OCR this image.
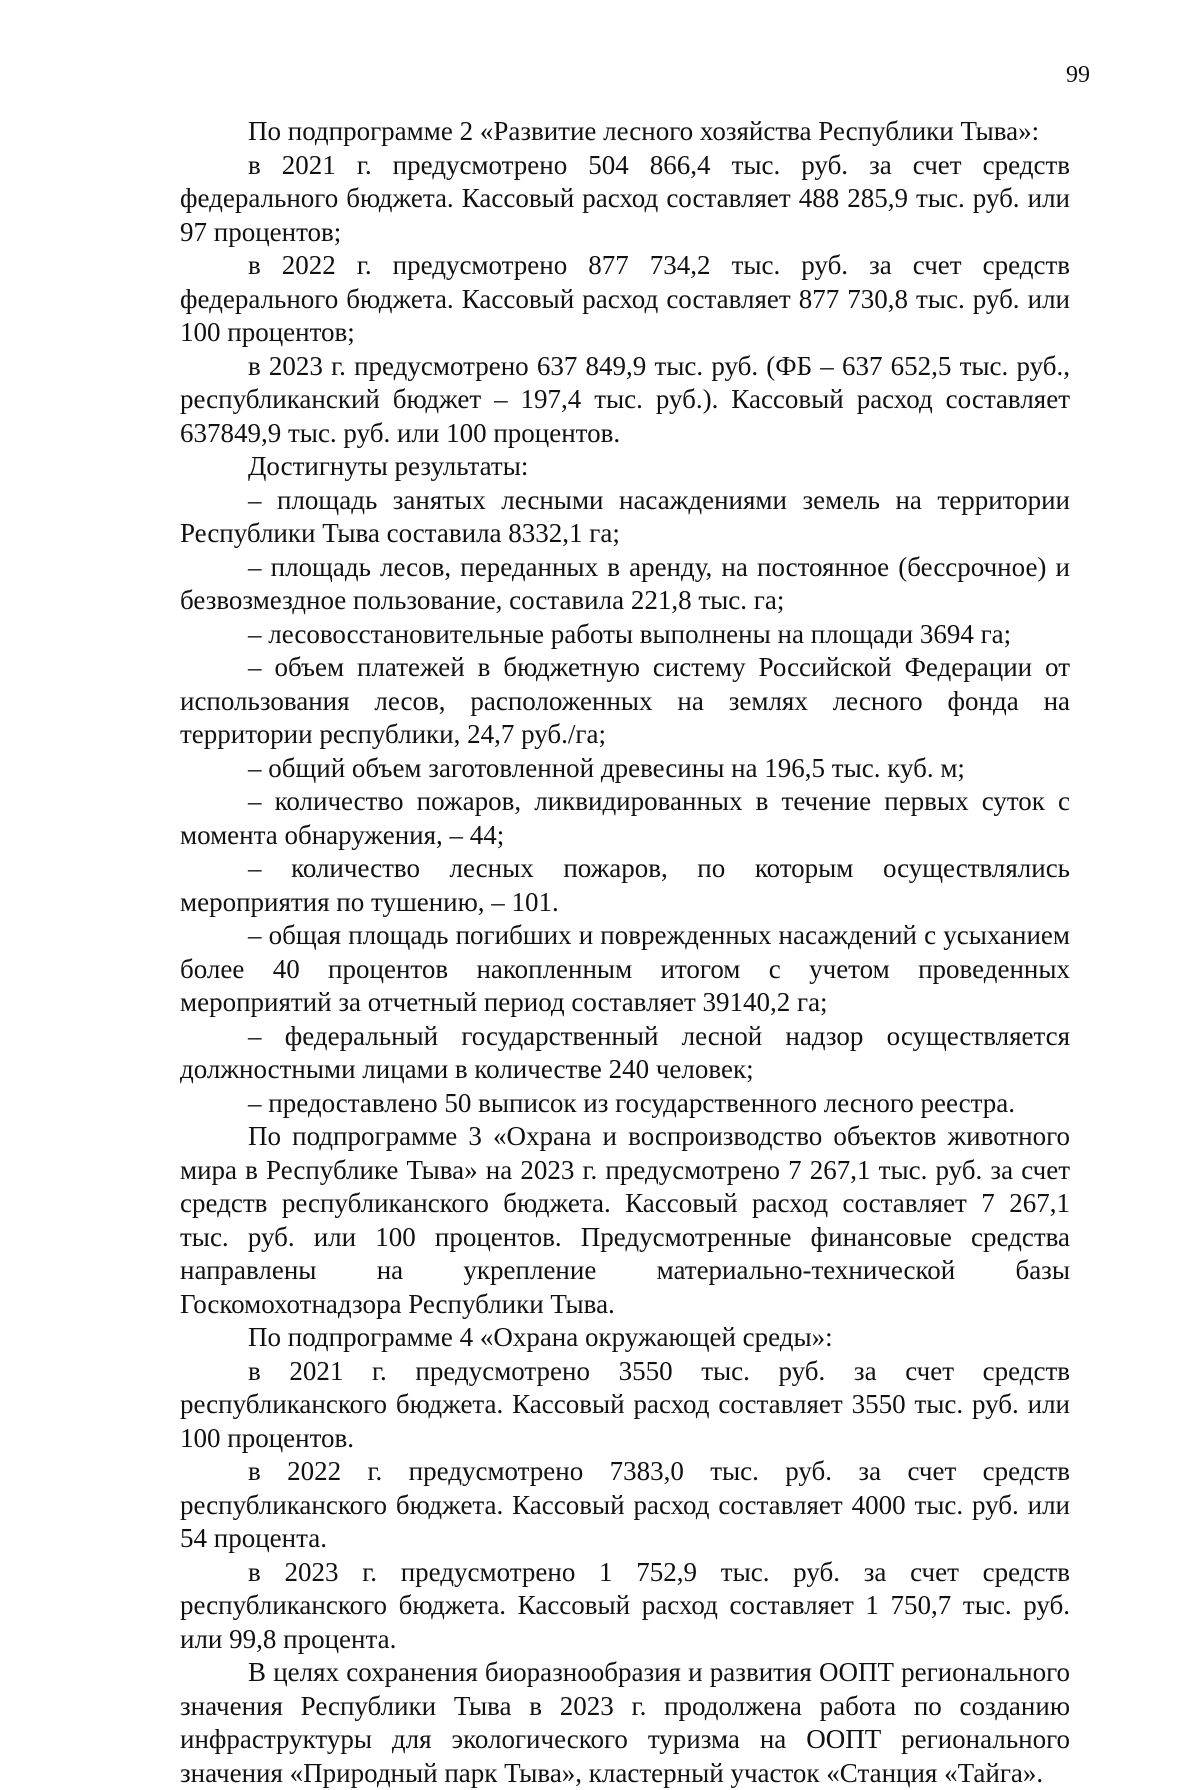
99

По подпрограмме 2 «Развитие лесного хозяйства Республики Тыва»:

в 2021 г. предусмотрено 504 866,4 тыс. руб. за счет средств федерального бюджета. Кассовый расход составляет 488 285,9 тыс. руб. или 97 процентов;

в 2022 г. предусмотрено 877 734,2 тыс. руб. за счет средств федерального бюджета. Кассовый расход составляет 877 730,8 тыс. руб. или 100 процентов;

в 2023 г. предусмотрено 637 849,9 тыс. руб. (ФБ – 637 652,5 тыс. руб., республиканский бюджет – 197,4 тыс. руб.). Кассовый расход составляет 637849,9 тыс. руб. или 100 процентов.

Достигнуты результаты:

– площадь занятых лесными насаждениями земель на территории Республики Тыва составила 8332,1 га;

– площадь лесов, переданных в аренду, на постоянное (бессрочное) и безвозмездное пользование, составила 221,8 тыс. га;

– лесовосстановительные работы выполнены на площади 3694 га;

– объем платежей в бюджетную систему Российской Федерации от использования лесов, расположенных на землях лесного фонда на территории республики, 24,7 руб./га;

– общий объем заготовленной древесины на 196,5 тыс. куб. м;

– количество пожаров, ликвидированных в течение первых суток с момента обнаружения, – 44;

– количество лесных пожаров, по которым осуществлялись мероприятия по тушению, – 101.

– общая площадь погибших и поврежденных насаждений с усыханием более 40 процентов накопленным итогом с учетом проведенных мероприятий за отчетный период составляет 39140,2 га;

– федеральный государственный лесной надзор осуществляется должностными лицами в количестве 240 человек;

– предоставлено 50 выписок из государственного лесного реестра.

По подпрограмме 3 «Охрана и воспроизводство объектов животного мира в Республике Тыва» на 2023 г. предусмотрено 7 267,1 тыс. руб. за счет средств республиканского бюджета. Кассовый расход составляет 7 267,1 тыс. руб. или 100 процентов. Предусмотренные финансовые средства направлены на укрепление материально-технической базы Госкомохотнадзора Республики Тыва.

По подпрограмме 4 «Охрана окружающей среды»:

в 2021 г. предусмотрено 3550 тыс. руб. за счет средств республиканского бюджета. Кассовый расход составляет 3550 тыс. руб. или 100 процентов.

в 2022 г. предусмотрено 7383,0 тыс. руб. за счет средств республиканского бюджета. Кассовый расход составляет 4000 тыс. руб. или 54 процента.

в 2023 г. предусмотрено 1 752,9 тыс. руб. за счет средств республиканского бюджета. Кассовый расход составляет 1 750,7 тыс. руб. или 99,8 процента.

В целях сохранения биоразнообразия и развития ООПТ регионального значения Республики Тыва в 2023 г. продолжена работа по созданию инфраструктуры для экологического туризма на ООПТ регионального значения «Природный парк Тыва», кластерный участок «Станция «Тайга».
